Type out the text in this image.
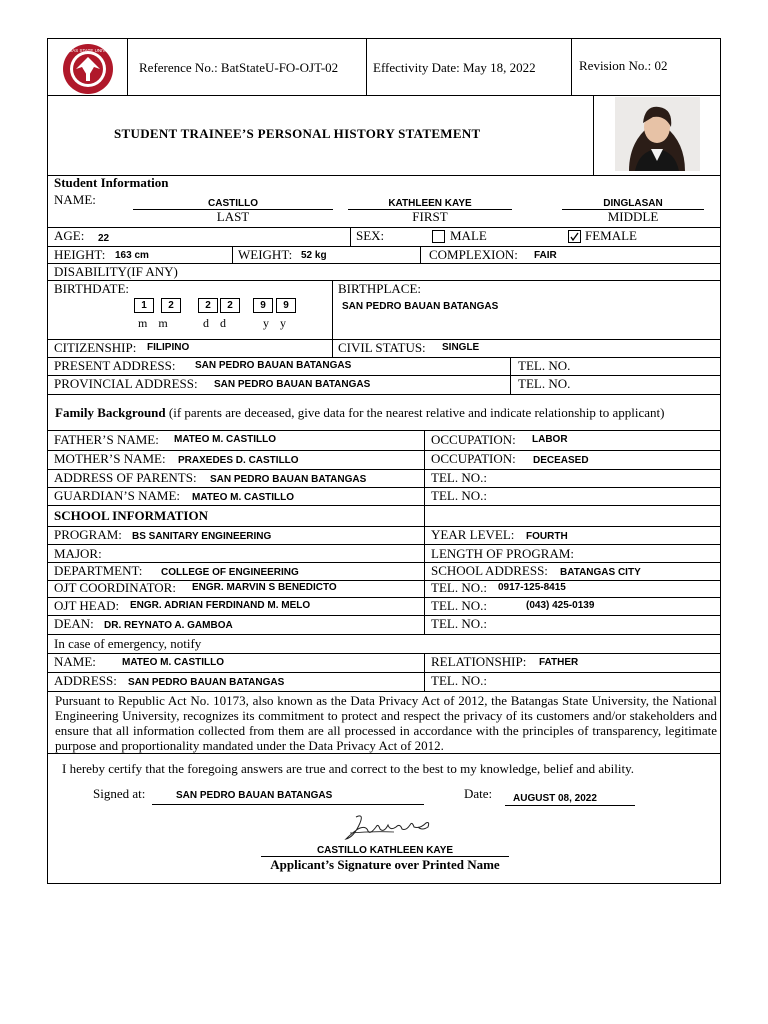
BATANGAS STATE UNIVERSITY
Reference No.: BatStateU-FO-OJT-02	Effectivity Date: May 18, 2022	Revision No.: 02
STUDENT TRAINEE’S PERSONAL HISTORY STATEMENT
Student Information
NAME:	CASTILLO
LAST
KATHLEEN KAYE
FIRST
DINGLASAN
MIDDLE
AGE: 22	SEX:	MALE	FEMALE
HEIGHT: 163 cm	WEIGHT: 52 kg	COMPLEXION: FAIR
DISABILITY(IF ANY)
BIRTHDATE:
1	2	2	2	9	9
m m	d d	y y
BIRTHPLACE:
SAN PEDRO BAUAN BATANGAS
CITIZENSHIP: FILIPINO	CIVIL STATUS: SINGLE
PRESENT ADDRESS: SAN PEDRO BAUAN BATANGAS	TEL. NO.
PROVINCIAL ADDRESS: SAN PEDRO BAUAN BATANGAS	TEL. NO.
Family Background (if parents are deceased, give data for the nearest relative and indicate relationship to applicant)
FATHER’S NAME: MATEO M. CASTILLO	OCCUPATION: LABOR
MOTHER’S NAME: PRAXEDES D. CASTILLO	OCCUPATION: DECEASED
ADDRESS OF PARENTS: SAN PEDRO BAUAN BATANGAS	TEL. NO.:
GUARDIAN’S NAME: MATEO M. CASTILLO	TEL. NO.:
SCHOOL INFORMATION
PROGRAM: BS SANITARY ENGINEERING	YEAR LEVEL: FOURTH
MAJOR:	LENGTH OF PROGRAM:
DEPARTMENT: COLLEGE OF ENGINEERING	SCHOOL ADDRESS: BATANGAS CITY
OJT COORDINATOR: ENGR. MARVIN S BENEDICTO	TEL. NO.: 0917-125-8415
OJT HEAD: ENGR. ADRIAN FERDINAND M. MELO	TEL. NO.:	(043) 425-0139
DEAN: DR. REYNATO A. GAMBOA	TEL. NO.:
In case of emergency, notify
NAME:	MATEO M. CASTILLO	RELATIONSHIP: FATHER
ADDRESS: SAN PEDRO BAUAN BATANGAS	TEL. NO.:
Pursuant to Republic Act No. 10173, also known as the Data Privacy Act of 2012, the Batangas State University, the National Engineering University, recognizes its commitment to protect and respect the privacy of its customers and/or stakeholders and ensure that all information collected from them are all processed in accordance with the principles of transparency, legitimate purpose and proportionality mandated under the Data Privacy Act of 2012.
I hereby certify that the foregoing answers are true and correct to the best to my knowledge, belief and ability.
Signed at:	SAN PEDRO BAUAN BATANGAS	Date: AUGUST 08, 2022
CASTILLO KATHLEEN KAYE
Applicant’s Signature over Printed Name
